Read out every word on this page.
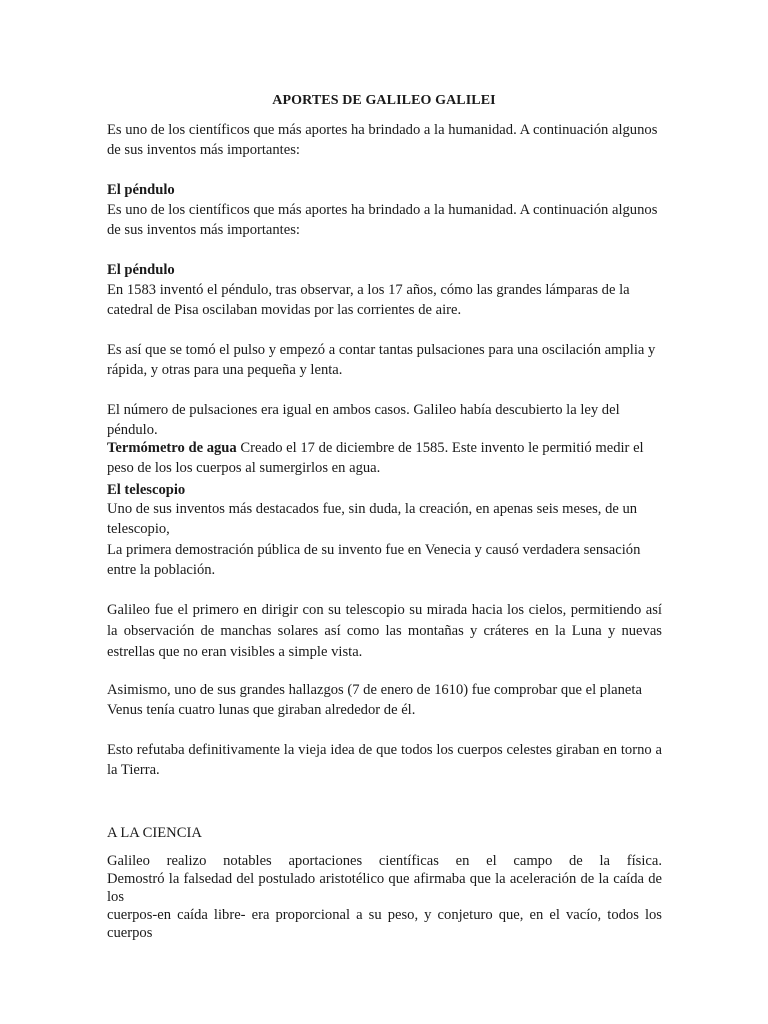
APORTES DE GALILEO GALILEI

Es uno de los científicos que más aportes ha brindado a la humanidad. A continuación algunos de sus inventos más importantes:

El péndulo

Es uno de los científicos que más aportes ha brindado a la humanidad. A continuación algunos de sus inventos más importantes:

El péndulo

En 1583 inventó el péndulo, tras observar, a los 17 años, cómo las grandes lámparas de la catedral de Pisa oscilaban movidas por las corrientes de aire.

Es así que se tomó el pulso y empezó a contar tantas pulsaciones para una oscilación amplia y rápida, y otras para una pequeña y lenta.

El número de pulsaciones era igual en ambos casos. Galileo había descubierto la ley del péndulo.

Termómetro de agua Creado el 17 de diciembre de 1585. Este invento le permitió medir el peso de los los cuerpos al sumergirlos en agua.

El telescopio

Uno de sus inventos más destacados fue, sin duda, la creación, en apenas seis meses, de un telescopio,

La primera demostración pública de su invento fue en Venecia y causó verdadera sensación entre la población.

Galileo fue el primero en dirigir con su telescopio su mirada hacia los cielos, permitiendo así la observación de manchas solares así como las montañas y cráteres en la Luna y nuevas estrellas que no eran visibles a simple vista.

Asimismo, uno de sus grandes hallazgos (7 de enero de 1610) fue comprobar que el planeta Venus tenía cuatro lunas que giraban alrededor de él.

Esto refutaba definitivamente la vieja idea de que todos los cuerpos celestes giraban en torno a la Tierra.

A LA CIENCIA

Galileo realizo notables aportaciones científicas en el campo de la física.
Demostró la falsedad del postulado aristotélico que afirmaba que la aceleración de la caída de los
cuerpos-en caída libre- era proporcional a su peso, y conjeturo que, en el vacío, todos los cuerpos
